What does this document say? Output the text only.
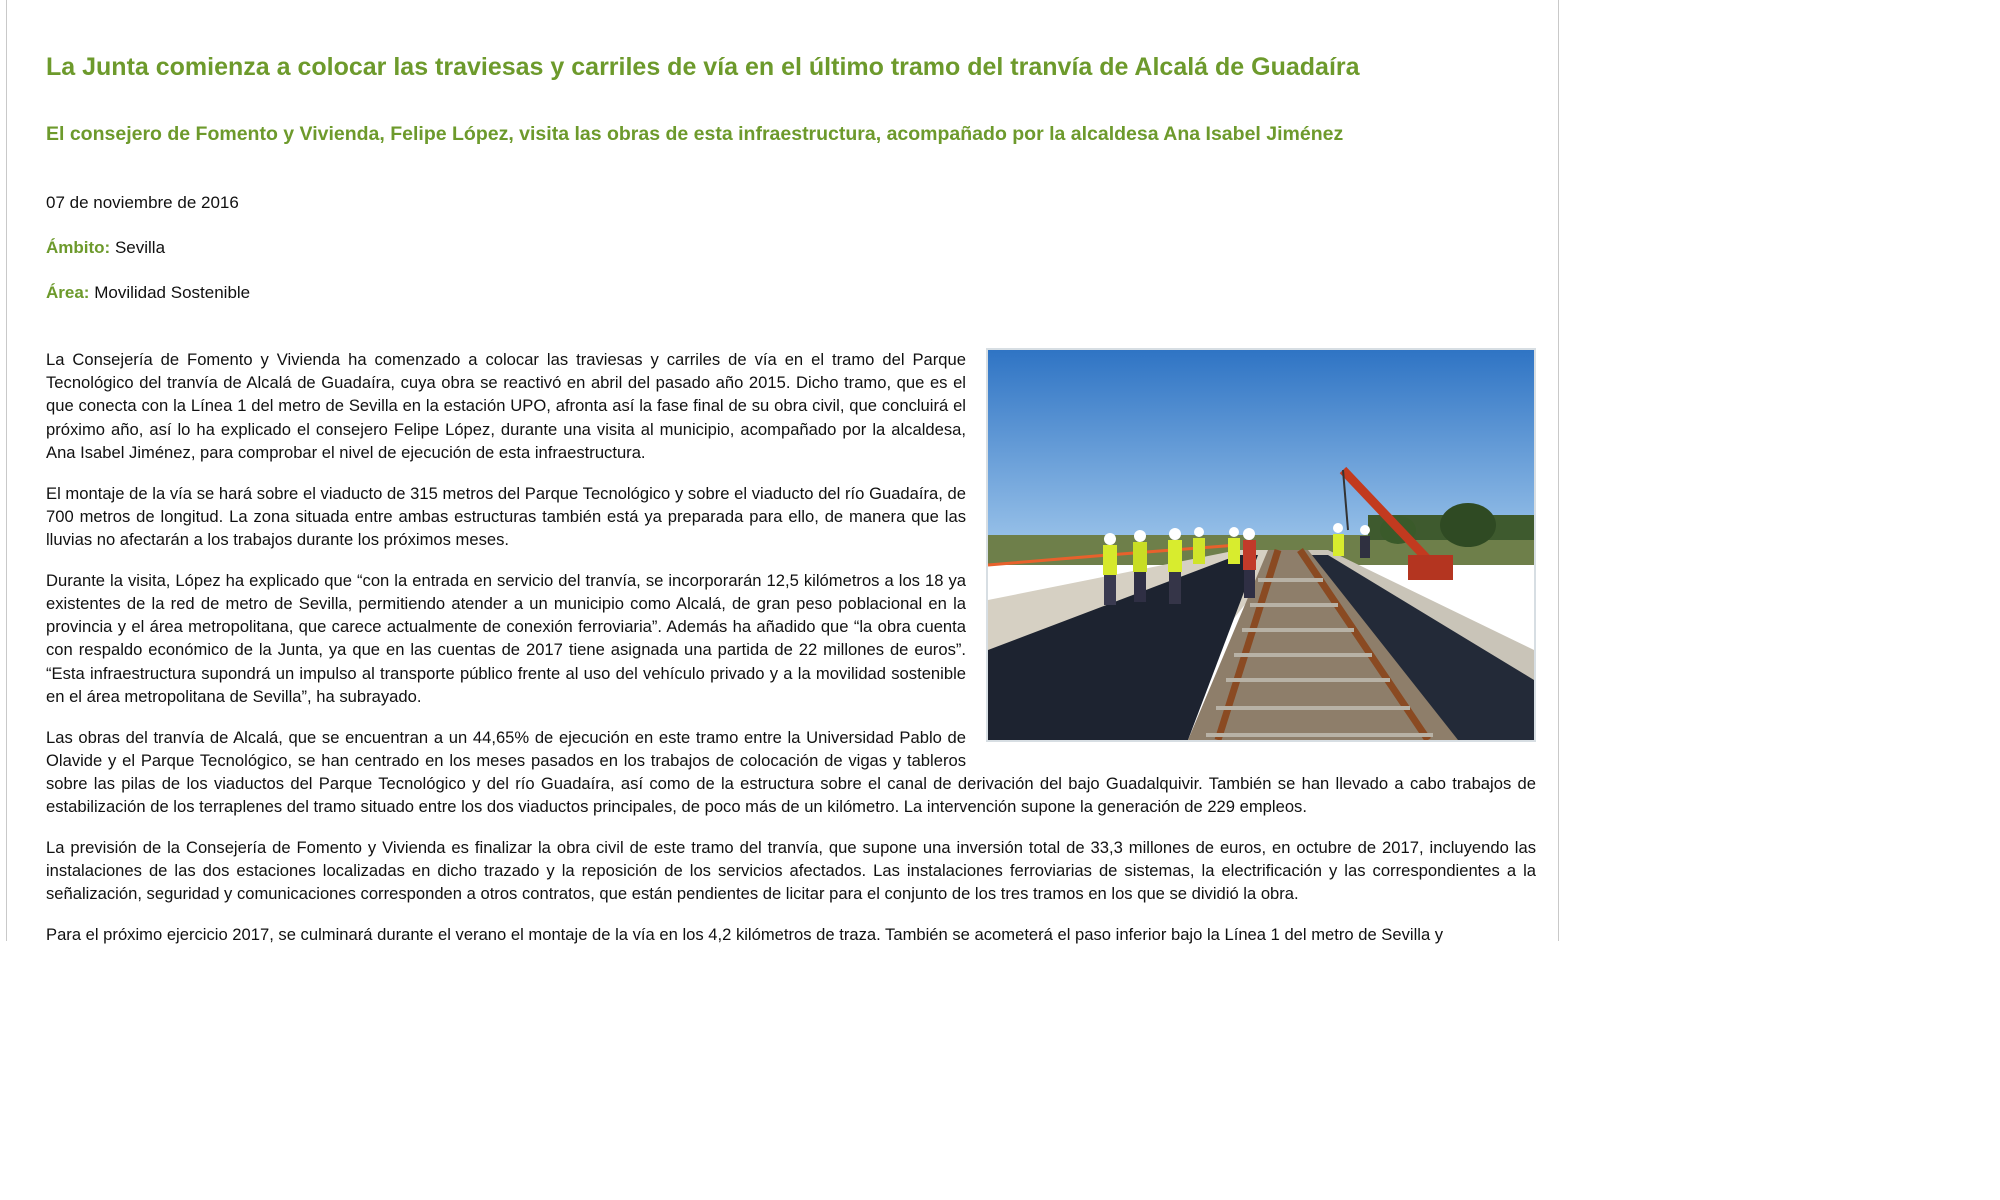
La Junta comienza a colocar las traviesas y carriles de vía en el último tramo del tranvía de Alcalá de Guadaíra
El consejero de Fomento y Vivienda, Felipe López, visita las obras de esta infraestructura, acompañado por la alcaldesa Ana Isabel Jiménez
07 de noviembre de 2016
Ámbito: Sevilla
Área: Movilidad Sostenible

La Consejería de Fomento y Vivienda ha comenzado a colocar las traviesas y carriles de vía en el tramo del Parque Tecnológico del tranvía de Alcalá de Guadaíra, cuya obra se reactivó en abril del pasado año 2015. Dicho tramo, que es el que conecta con la Línea 1 del metro de Sevilla en la estación UPO, afronta así la fase final de su obra civil, que concluirá el próximo año, así lo ha explicado el consejero Felipe López, durante una visita al municipio, acompañado por la alcaldesa, Ana Isabel Jiménez, para comprobar el nivel de ejecución de esta infraestructura.

El montaje de la vía se hará sobre el viaducto de 315 metros del Parque Tecnológico y sobre el viaducto del río Guadaíra, de 700 metros de longitud. La zona situada entre ambas estructuras también está ya preparada para ello, de manera que las lluvias no afectarán a los trabajos durante los próximos meses.

Durante la visita, López ha explicado que “con la entrada en servicio del tranvía, se incorporarán 12,5 kilómetros a los 18 ya existentes de la red de metro de Sevilla, permitiendo atender a un municipio como Alcalá, de gran peso poblacional en la provincia y el área metropolitana, que carece actualmente de conexión ferroviaria”. Además ha añadido que “la obra cuenta con respaldo económico de la Junta, ya que en las cuentas de 2017 tiene asignada una partida de 22 millones de euros”. “Esta infraestructura supondrá un impulso al transporte público frente al uso del vehículo privado y a la movilidad sostenible en el área metropolitana de Sevilla”, ha subrayado.

Las obras del tranvía de Alcalá, que se encuentran a un 44,65% de ejecución en este tramo entre la Universidad Pablo de Olavide y el Parque Tecnológico, se han centrado en los meses pasados en los trabajos de colocación de vigas y tableros sobre las pilas de los viaductos del Parque Tecnológico y del río Guadaíra, así como de la estructura sobre el canal de derivación del bajo Guadalquivir. También se han llevado a cabo trabajos de estabilización de los terraplenes del tramo situado entre los dos viaductos principales, de poco más de un kilómetro. La intervención supone la generación de 229 empleos.

La previsión de la Consejería de Fomento y Vivienda es finalizar la obra civil de este tramo del tranvía, que supone una inversión total de 33,3 millones de euros, en octubre de 2017, incluyendo las instalaciones de las dos estaciones localizadas en dicho trazado y la reposición de los servicios afectados. Las instalaciones ferroviarias de sistemas, la electrificación y las correspondientes a la señalización, seguridad y comunicaciones corresponden a otros contratos, que están pendientes de licitar para el conjunto de los tres tramos en los que se dividió la obra.

Para el próximo ejercicio 2017, se culminará durante el verano el montaje de la vía en los 4,2 kilómetros de traza. También se acometerá el paso inferior bajo la Línea 1 del metro de Sevilla y
